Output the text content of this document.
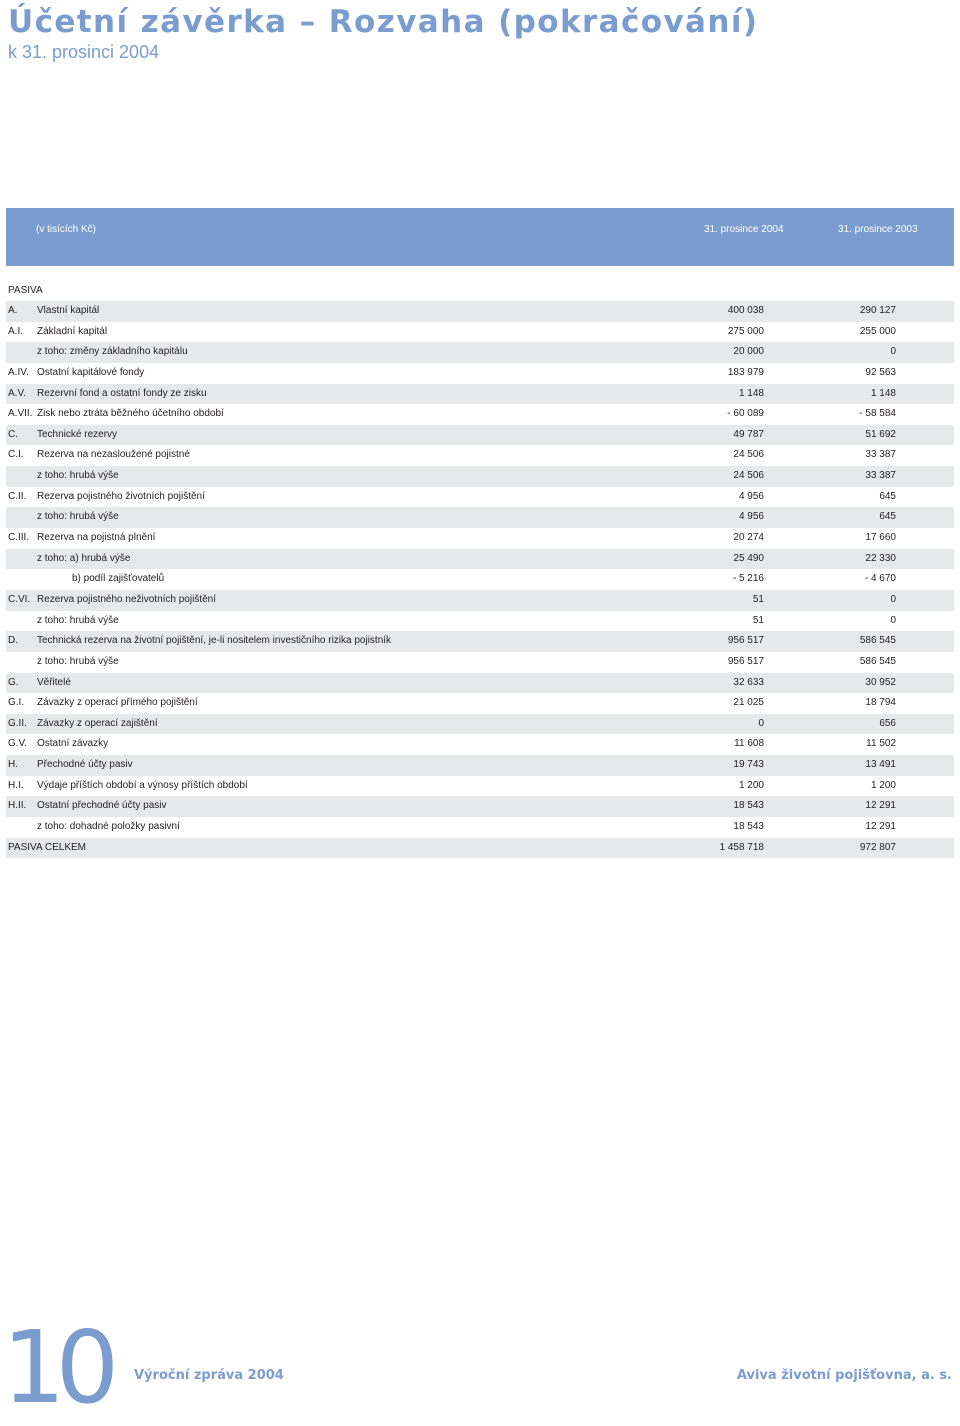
Účetní závěrka – Rozvaha (pokračování)
k 31. prosinci 2004
(v tisících Kč)	31. prosince 2004	31. prosince 2003
PASIVA
A. Vlastní kapitál	400 038	290 127
A.I. Základní kapitál	275 000	255 000
z toho: změny základního kapitálu	20 000	0
A.IV. Ostatní kapitálové fondy	183 979	92 563
A.V. Rezervní fond a ostatní fondy ze zisku	1 148	1 148
A.VII. Zisk nebo ztráta běžného účetního období	- 60 089	- 58 584
C. Technické rezervy	49 787	51 692
C.I. Rezerva na nezasloužené pojistné	24 506	33 387
z toho: hrubá výše	24 506	33 387
C.II. Rezerva pojistného životních pojištění	4 956	645
z toho: hrubá výše	4 956	645
C.III. Rezerva na pojistná plnění	20 274	17 660
z toho: a) hrubá výše	25 490	22 330
b) podíl zajišťovatelů	- 5 216	- 4 670
C.VI. Rezerva pojistného neživotních pojištění	51	0
z toho: hrubá výše	51	0
D. Technická rezerva na životní pojištění, je-li nositelem investičního rizika pojistník	956 517	586 545
z toho: hrubá výše	956 517	586 545
G. Věřitelé	32 633	30 952
G.I. Závazky z operací přímého pojištění	21 025	18 794
G.II. Závazky z operací zajištění	0	656
G.V. Ostatní závazky	11 608	11 502
H. Přechodné účty pasiv	19 743	13 491
H.I. Výdaje příštích období a výnosy příštích období	1 200	1 200
H.II. Ostatní přechodné účty pasiv	18 543	12 291
z toho: dohadné položky pasivní	18 543	12 291
PASIVA CELKEM	1 458 718	972 807
10 Výroční zpráva 2004	Aviva životní pojišťovna, a. s.
